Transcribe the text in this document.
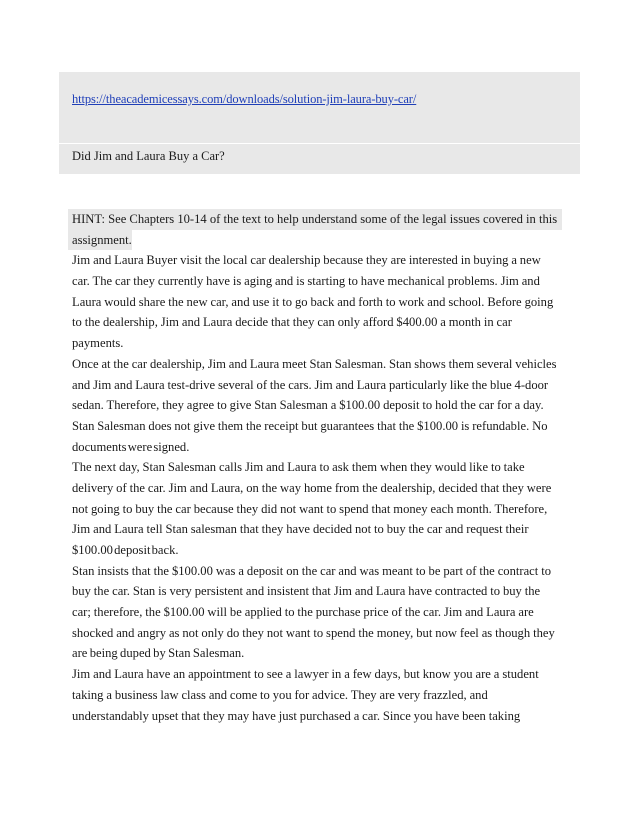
https://theacademicessays.com/downloads/solution-jim-laura-buy-car/
Did Jim and Laura Buy a Car?
HINT: See Chapters 10-14 of the text to help understand some of the legal issues covered in this
assignment.
Jim and Laura Buyer visit the local car dealership because they are interested in buying a new
car. The car they currently have is aging and is starting to have mechanical problems. Jim and
Laura would share the new car, and use it to go back and forth to work and school. Before going
to the dealership, Jim and Laura decide that they can only afford $400.00 a month in car
payments.
Once at the car dealership, Jim and Laura meet Stan Salesman. Stan shows them several vehicles
and Jim and Laura test-drive several of the cars. Jim and Laura particularly like the blue 4-door
sedan. Therefore, they agree to give Stan Salesman a $100.00 deposit to hold the car for a day.
Stan Salesman does not give them the receipt but guarantees that the $100.00 is refundable. No
documents were signed.
The next day, Stan Salesman calls Jim and Laura to ask them when they would like to take
delivery of the car. Jim and Laura, on the way home from the dealership, decided that they were
not going to buy the car because they did not want to spend that money each month. Therefore,
Jim and Laura tell Stan salesman that they have decided not to buy the car and request their
$100.00 deposit back.
Stan insists that the $100.00 was a deposit on the car and was meant to be part of the contract to
buy the car. Stan is very persistent and insistent that Jim and Laura have contracted to buy the
car; therefore, the $100.00 will be applied to the purchase price of the car. Jim and Laura are
shocked and angry as not only do they not want to spend the money, but now feel as though they
are being duped by Stan Salesman.
Jim and Laura have an appointment to see a lawyer in a few days, but know you are a student
taking a business law class and come to you for advice. They are very frazzled, and
understandably upset that they may have just purchased a car. Since you have been taking
